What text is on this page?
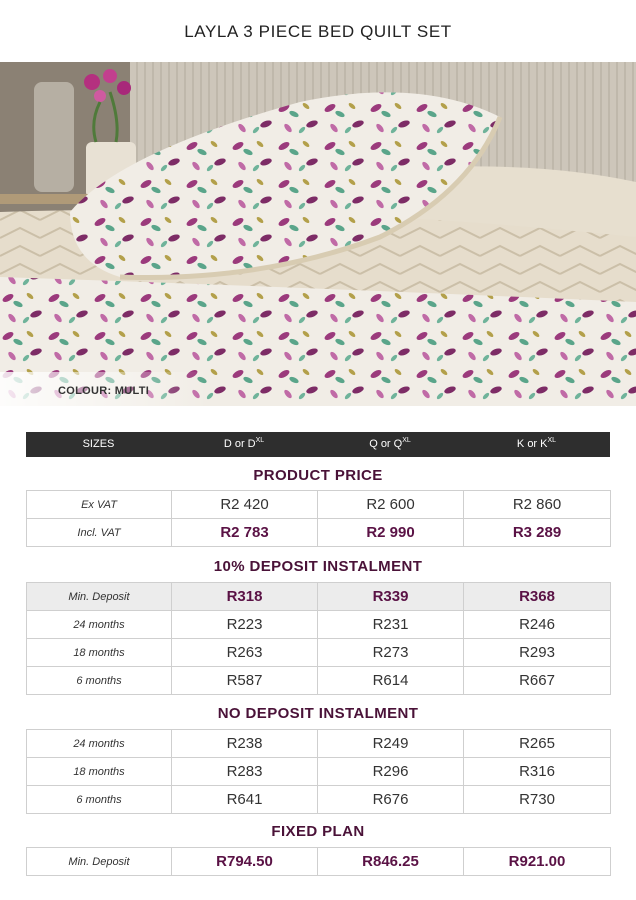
LAYLA 3 PIECE BED QUILT SET
COLOUR: MULTI
SIZES	D or $D^{XL}$	Q or $Q^{XL}$	K or $K^{XL}$
PRODUCT PRICE
Ex VAT	R2 420	R2 600	R2 860
Incl. VAT	R2 783	R2 990	R3 289
10% DEPOSIT INSTALMENT
Min. Deposit	R318	R339	R368
24 months	R223	R231	R246
18 months	R263	R273	R293
6 months	R587	R614	R667
NO DEPOSIT INSTALMENT
24 months	R238	R249	R265
18 months	R283	R296	R316
6 months	R641	R676	R730
FIXED PLAN
Min. Deposit	R794.50	R846.25	R921.00
